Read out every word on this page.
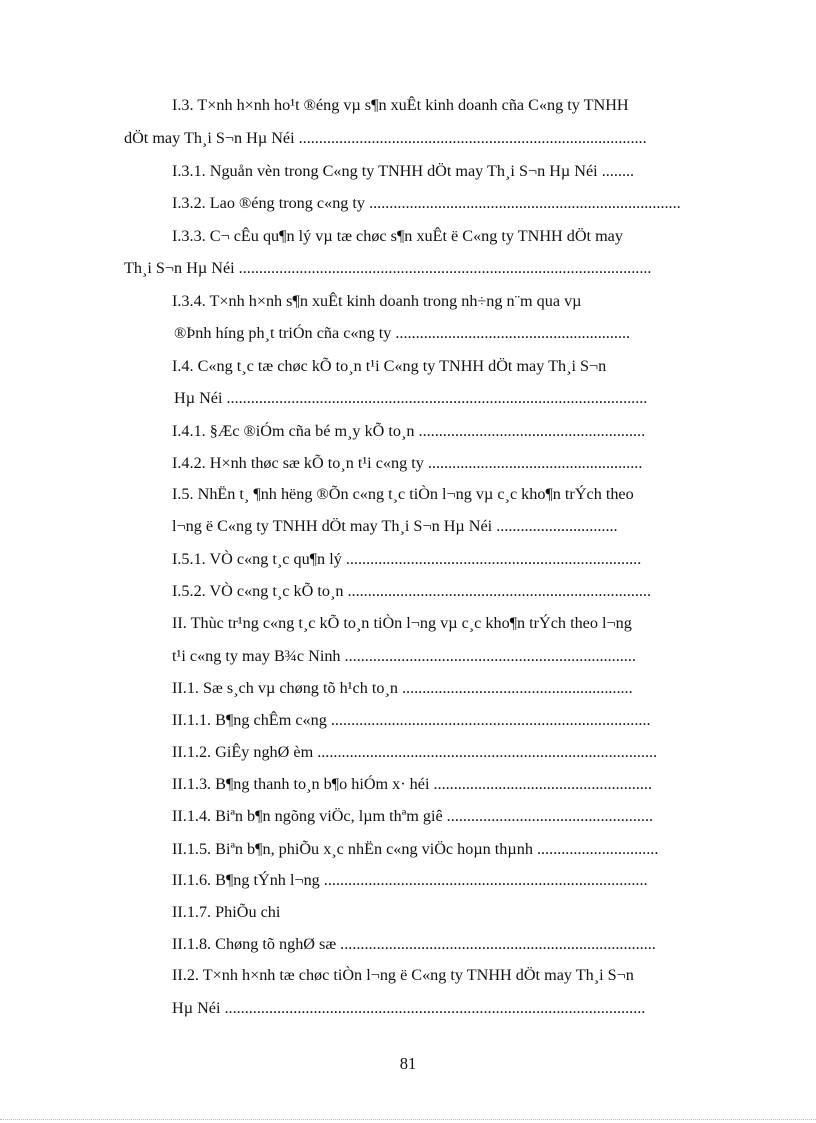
I.3. T×nh h×nh ho¹t ®éng vµ s¶n xuÊt kinh doanh cña C«ng ty TNHH
dÖt may Th¸i S¬n Hµ Néi ......................................................................................
I.3.1. Nguån vèn trong C«ng ty TNHH dÖt may Th¸i S¬n Hµ Néi ........
I.3.2. Lao ®éng trong c«ng ty .............................................................................
I.3.3. C¬ cÊu qu¶n lý vµ tæ chøc s¶n xuÊt ë C«ng ty TNHH dÖt may
Th¸i S¬n Hµ Néi ......................................................................................................
I.3.4. T×nh h×nh s¶n xuÊt kinh doanh trong nh÷ng n¨m qua vµ
®Þnh híng ph¸t triÓn cña c«ng ty ..........................................................
I.4. C«ng t¸c tæ chøc kÕ to¸n t¹i C«ng ty TNHH dÖt may Th¸i S¬n
Hµ Néi ........................................................................................................
I.4.1. §Æc ®iÓm cña bé m¸y kÕ to¸n ........................................................
I.4.2. H×nh thøc sæ kÕ to¸n t¹i c«ng ty .....................................................
I.5. NhËn t¸ ¶nh hëng ®Õn c«ng t¸c tiÒn l¬ng vµ c¸c kho¶n trÝch theo
l¬ng ë C«ng ty TNHH dÖt may Th¸i S¬n Hµ Néi ..............................
I.5.1. VÒ c«ng t¸c qu¶n lý .........................................................................
I.5.2. VÒ c«ng t¸c kÕ to¸n ...........................................................................
II. Thùc tr¹ng c«ng t¸c kÕ to¸n tiÒn l¬ng vµ c¸c kho¶n trÝch theo l¬ng
t¹i c«ng ty may B¾c Ninh ........................................................................
II.1. Sæ s¸ch vµ chøng tõ h¹ch to¸n .........................................................
II.1.1. B¶ng chÊm c«ng ...............................................................................
II.1.2. GiÊy nghØ èm ....................................................................................
II.1.3. B¶ng thanh to¸n b¶o hiÓm x· héi ......................................................
II.1.4. Biªn b¶n ngõng viÖc, lµm thªm giê ...................................................
II.1.5. Biªn b¶n, phiÕu x¸c nhËn c«ng viÖc hoµn thµnh ..............................
II.1.6. B¶ng tÝnh l¬ng ................................................................................
II.1.7. PhiÕu chi
II.1.8. Chøng tõ nghØ sæ ..............................................................................
II.2. T×nh h×nh tæ chøc tiÒn l¬ng ë C«ng ty TNHH dÖt may Th¸i S¬n
Hµ Néi ........................................................................................................
81
